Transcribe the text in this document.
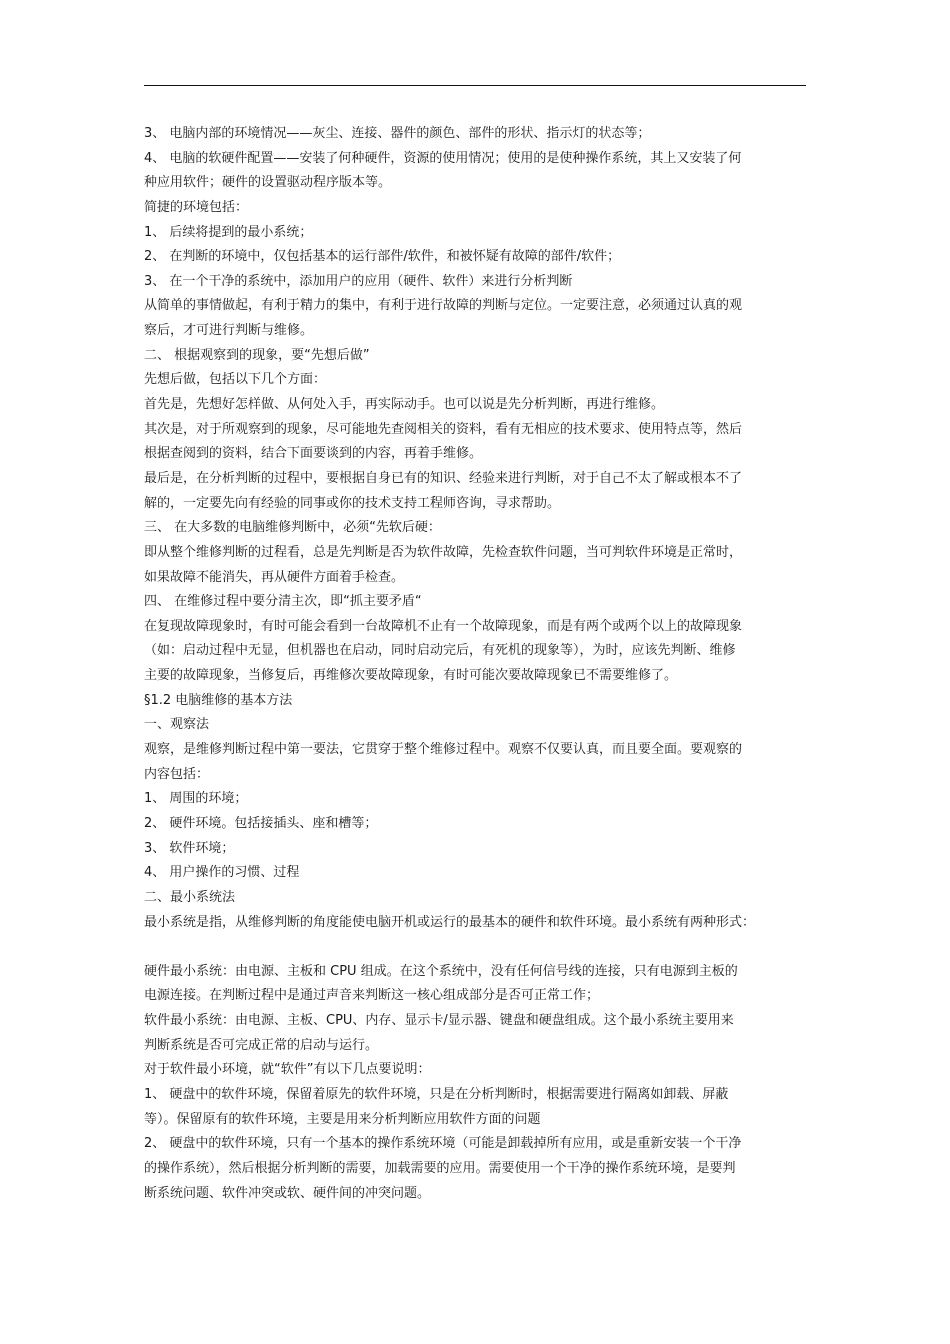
3、 电脑内部的环境情况——灰尘、连接、器件的颜色、部件的形状、指示灯的状态等；
4、 电脑的软硬件配置——安装了何种硬件，资源的使用情况；使用的是使种操作系统，其上又安装了何
种应用软件；硬件的设置驱动程序版本等。
简捷的环境包括：
1、 后续将提到的最小系统；
2、 在判断的环境中，仅包括基本的运行部件/软件，和被怀疑有故障的部件/软件；
3、 在一个干净的系统中，添加用户的应用（硬件、软件）来进行分析判断
从简单的事情做起，有利于精力的集中，有利于进行故障的判断与定位。一定要注意，必须通过认真的观
察后，才可进行判断与维修。
二、 根据观察到的现象，要“先想后做”
先想后做，包括以下几个方面：
首先是，先想好怎样做、从何处入手，再实际动手。也可以说是先分析判断，再进行维修。
其次是，对于所观察到的现象，尽可能地先查阅相关的资料，看有无相应的技术要求、使用特点等，然后
根据查阅到的资料，结合下面要谈到的内容，再着手维修。
最后是，在分析判断的过程中，要根据自身已有的知识、经验来进行判断，对于自己不太了解或根本不了
解的，一定要先向有经验的同事或你的技术支持工程师咨询，寻求帮助。
三、 在大多数的电脑维修判断中，必须“先软后硬：
即从整个维修判断的过程看，总是先判断是否为软件故障，先检查软件问题，当可判软件环境是正常时，
如果故障不能消失，再从硬件方面着手检查。
四、 在维修过程中要分清主次，即“抓主要矛盾“
在复现故障现象时，有时可能会看到一台故障机不止有一个故障现象，而是有两个或两个以上的故障现象
（如：启动过程中无显，但机器也在启动，同时启动完后，有死机的现象等），为时，应该先判断、维修
主要的故障现象，当修复后，再维修次要故障现象，有时可能次要故障现象已不需要维修了。
§1.2 电脑维修的基本方法
一、观察法
观察，是维修判断过程中第一要法，它贯穿于整个维修过程中。观察不仅要认真，而且要全面。要观察的
内容包括：
1、 周围的环境；
2、 硬件环境。包括接插头、座和槽等；
3、 软件环境；
4、 用户操作的习惯、过程
二、最小系统法
最小系统是指，从维修判断的角度能使电脑开机或运行的最基本的硬件和软件环境。最小系统有两种形式：
硬件最小系统：由电源、主板和 CPU 组成。在这个系统中，没有任何信号线的连接，只有电源到主板的
电源连接。在判断过程中是通过声音来判断这一核心组成部分是否可正常工作；
软件最小系统：由电源、主板、CPU、内存、显示卡/显示器、键盘和硬盘组成。这个最小系统主要用来
判断系统是否可完成正常的启动与运行。
对于软件最小环境，就“软件”有以下几点要说明：
1、 硬盘中的软件环境，保留着原先的软件环境，只是在分析判断时，根据需要进行隔离如卸载、屏蔽
等）。保留原有的软件环境，主要是用来分析判断应用软件方面的问题
2、 硬盘中的软件环境，只有一个基本的操作系统环境（可能是卸载掉所有应用，或是重新安装一个干净
的操作系统），然后根据分析判断的需要，加载需要的应用。需要使用一个干净的操作系统环境，是要判
断系统问题、软件冲突或软、硬件间的冲突问题。
